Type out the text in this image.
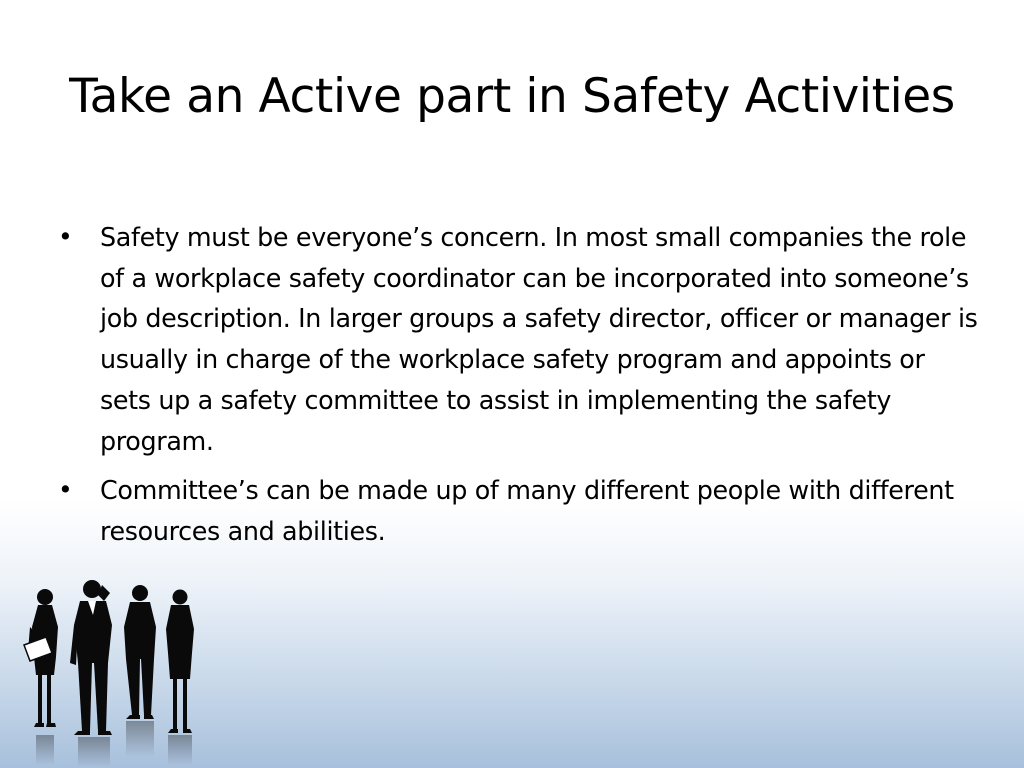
Take an Active part in Safety Activities
• Safety must be everyone’s concern. In most small companies the role of a workplace safety coordinator can be incorporated into someone’s job description. In larger groups a safety director, officer or manager is usually in charge of the workplace safety program and appoints or sets up a safety committee to assist in implementing the safety program.
• Committee’s can be made up of many different people with different resources and abilities.
